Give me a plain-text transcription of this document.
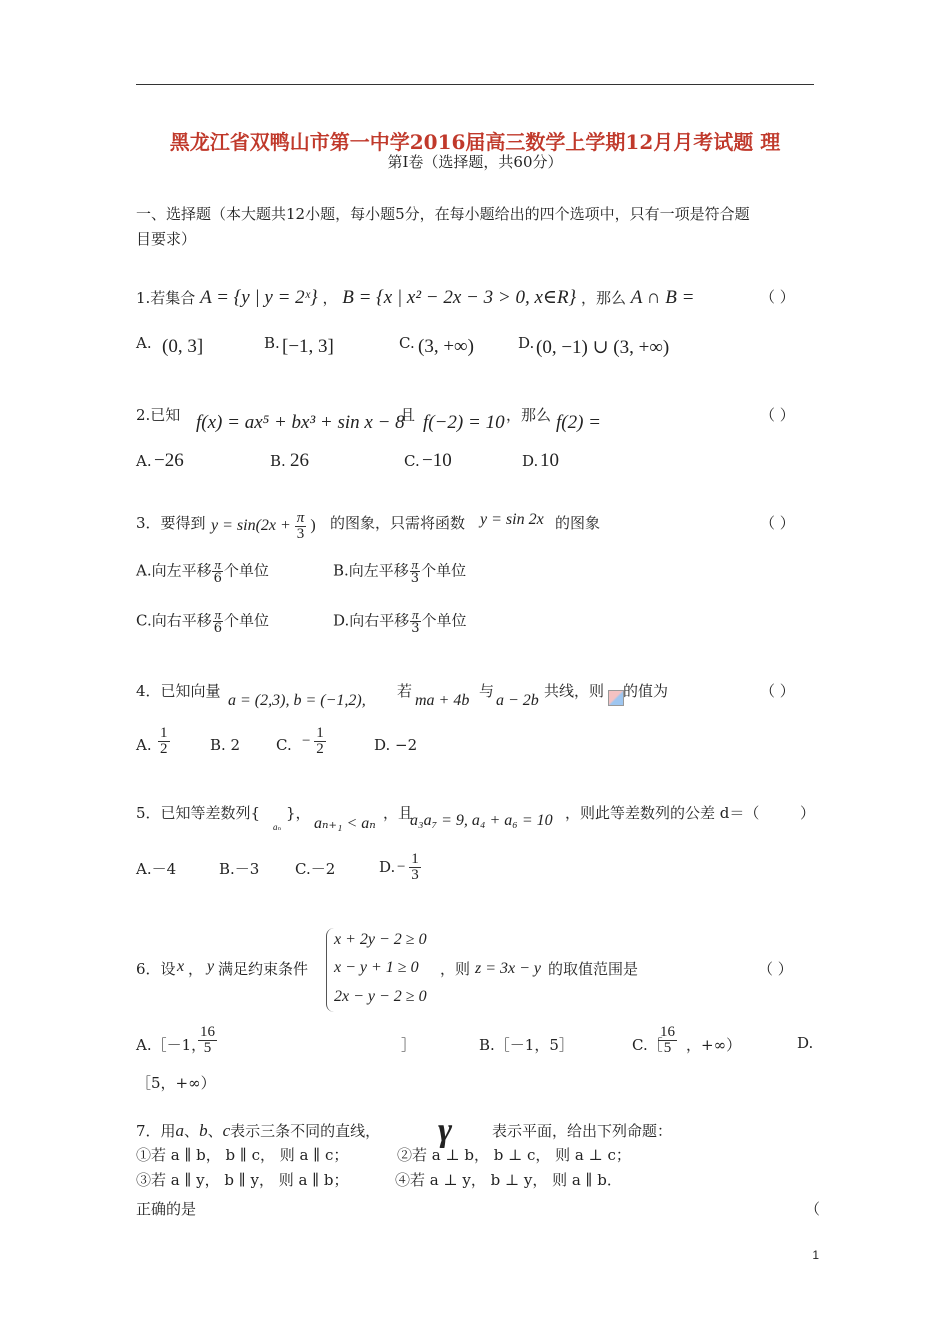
黑龙江省双鸭山市第一中学2016届高三数学上学期12月月考试题 理
第Ⅰ卷（选择题，共60分）
一、选择题（本大题共12小题，每小题5分，在每小题给出的四个选项中，只有一项是符合题
目要求）
1.若集合 A = {y | y = 2ˣ} ， B = {x | x² − 2x − 3 > 0, x∈R} ，那么 A ∩ B =	（ ）
A. (0, 3]	B. [−1, 3]	C. (3, +∞)	D. (0, −1) ∪ (3, +∞)
2.已知 f(x) = ax⁵ + bx³ + sin x − 8
且 f(−2) = 10 ，那么 f(2) =	（ ）
A. −26	B. 26	C. −10	D. 10
3．要得到 $y = \sin(2x + \frac{\pi}{3}$ ) 的图象，只需将函数 y = sin 2x 的图象	（ ）
A.向左平移 $\frac{\pi}{6}$ 个单位	B.向左平移 $\frac{\pi}{3}$ 个单位
C.向右平移 $\frac{\pi}{6}$ 个单位	D.向右平移 $\frac{\pi}{3}$ 个单位
4．已知向量
a = (2,3), b = (−1,2),
若
ma + 4b
与
a − 2b
共线，则 的值为	（ ）
A. $\frac{1}{2}$	B. 2 C. − $\frac{1}{2}$	D. −2
5．已知等差数列{
aₙ
}，
aₙ₊₁ < aₙ
，且
a₃a₇ = 9, a₄ + a₆ = 10 ，则此等差数列的公差 d＝（	）
A.－4	B.－3 C.－2	D. − $\frac{1}{3}$
6．设 x ， y 满足约束条件
x + 2y − 2 ≥ 0
x − y + 1 ≥ 0
2x − y − 2 ≥ 0
，则 z = 3x − y 的取值范围是	（ ）
A.［－1，
$\frac{16}{5}$	］	B.［－1，5］	C.［
$\frac{16}{5}$ ，+∞）	D.
［5，+∞）
7．用a、b、c表示三条不同的直线， γ	表示平面，给出下列命题：
①若 a ∥ b， b ∥ c， 则 a ∥ c；	②若 a ⊥ b， b ⊥ c， 则 a ⊥ c；
③若 a ∥ y， b ∥ y， 则 a ∥ b；	④若 a ⊥ y， b ⊥ y， 则 a ∥ b．
正确的是	（
1
